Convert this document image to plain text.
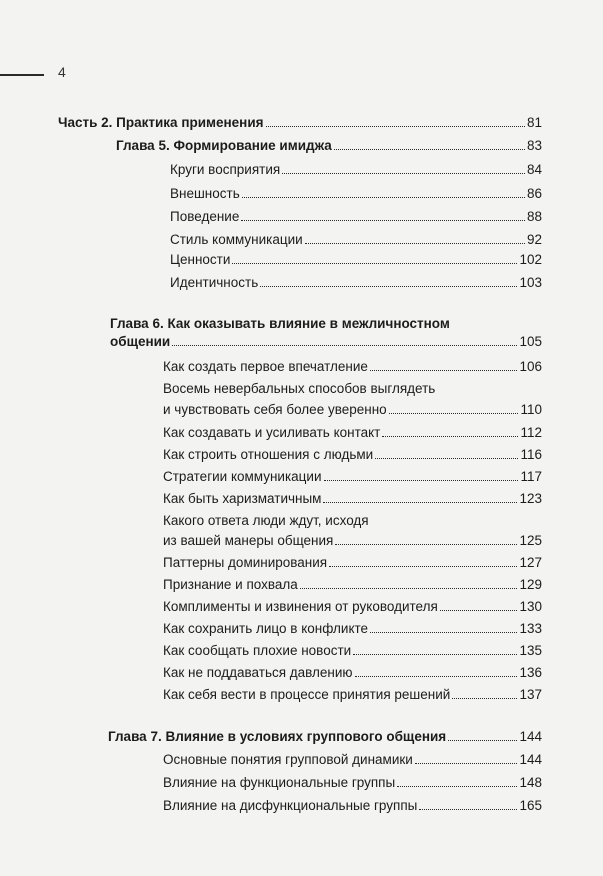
4
Часть 2. Практика применения	81
Глава 5. Формирование имиджа	83
Круги восприятия	84
Внешность	86
Поведение	88
Стиль коммуникации	92
Ценности	102
Идентичность	103
Глава 6. Как оказывать влияние в межличностном
общении	105
Как создать первое впечатление	106
Восемь невербальных способов выглядеть
и чувствовать себя более уверенно	110
Как создавать и усиливать контакт	112
Как строить отношения с людьми	116
Стратегии коммуникации	117
Как быть харизматичным	123
Какого ответа люди ждут, исходя
из вашей манеры общения	125
Паттерны доминирования	127
Признание и похвала	129
Комплименты и извинения от руководителя	130
Как сохранить лицо в конфликте	133
Как сообщать плохие новости	135
Как не поддаваться давлению	136
Как себя вести в процессе принятия решений	137
Глава 7. Влияние в условиях группового общения	144
Основные понятия групповой динамики	144
Влияние на функциональные группы	148
Влияние на дисфункциональные группы	165
